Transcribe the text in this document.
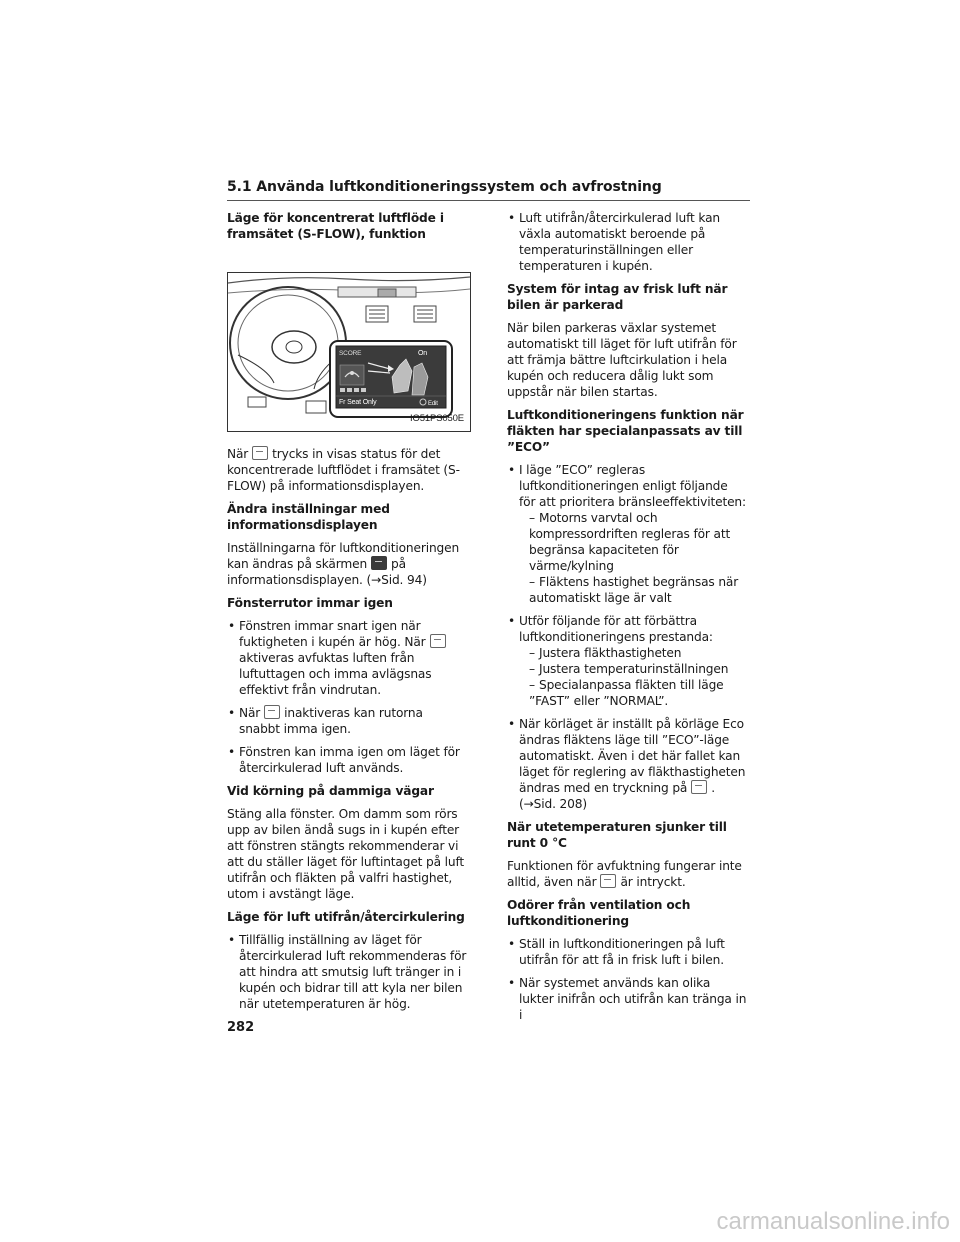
5.1 Använda luftkonditioneringssystem och avfrostning
Läge för koncentrerat luftflöde i framsätet (S-FLOW), funktion
SCORE	On
Fr Seat Only	Edit
IO51PS050E
När trycks in visas status för det koncentrerade luftflödet i framsätet (S-FLOW) på informationsdisplayen.
Ändra inställningar med informationsdisplayen
Inställningarna för luftkonditioneringen kan ändras på skärmen på informationsdisplayen. (→Sid. 94)
Fönsterrutor immar igen
• Fönstren immar snart igen när fuktigheten i kupén är hög. Näraktiveras avfuktas luften från luftuttagen och imma avlägsnas effektivt från vindrutan.
• När inaktiveras kan rutorna snabbt imma igen.
• Fönstren kan imma igen om läget för återcirkulerad luft används.
Vid körning på dammiga vägar
Stäng alla fönster. Om damm som rörs upp av bilen ändå sugs in i kupén efter att fönstren stängts rekommenderar vi att du ställer läget för luftintaget på luft utifrån och fläkten på valfri hastighet, utom i avstängt läge.
Läge för luft utifrån/återcirkulering
• Tillfällig inställning av läget för återcirkulerad luft rekommenderas för att hindra att smutsig luft tränger in i kupén och bidrar till att kyla ner bilen när utetemperaturen är hög.
• Luft utifrån/återcirkulerad luft kan växla automatiskt beroende på temperaturinställningen eller temperaturen i kupén.
System för intag av frisk luft när bilen är parkerad
När bilen parkeras växlar systemet automatiskt till läget för luft utifrån för att främja bättre luftcirkulation i hela kupén och reducera dålig lukt som uppstår när bilen startas.
Luftkonditioneringens funktion när fläkten har specialanpassats av till ”ECO”
• I läge ”ECO” regleras luftkonditioneringen enligt följande för att prioritera bränsleeffektiviteten:
– Motorns varvtal och kompressordriften regleras för att begränsa kapaciteten för värme/kylning
– Fläktens hastighet begränsas när automatiskt läge är valt
• Utför följande för att förbättra luftkonditioneringens prestanda:
– Justera fläkthastigheten
– Justera temperaturinställningen
– Specialanpassa fläkten till läge ”FAST” eller ”NORMAL”.
• När körläget är inställt på körläge Eco ändras fläktens läge till ”ECO”-läge automatiskt. Även i det här fallet kan läget för reglering av fläkthastigheten ändras med en tryckning på .
(→Sid. 208)
När utetemperaturen sjunker till runt 0 °C
Funktionen för avfuktning fungerar inte alltid, även när är intryckt.
Odörer från ventilation och luftkonditionering
• Ställ in luftkonditioneringen på luft utifrån för att få in frisk luft i bilen.
• När systemet används kan olika lukter inifrån och utifrån kan tränga in i
282
carmanualsonline.info
